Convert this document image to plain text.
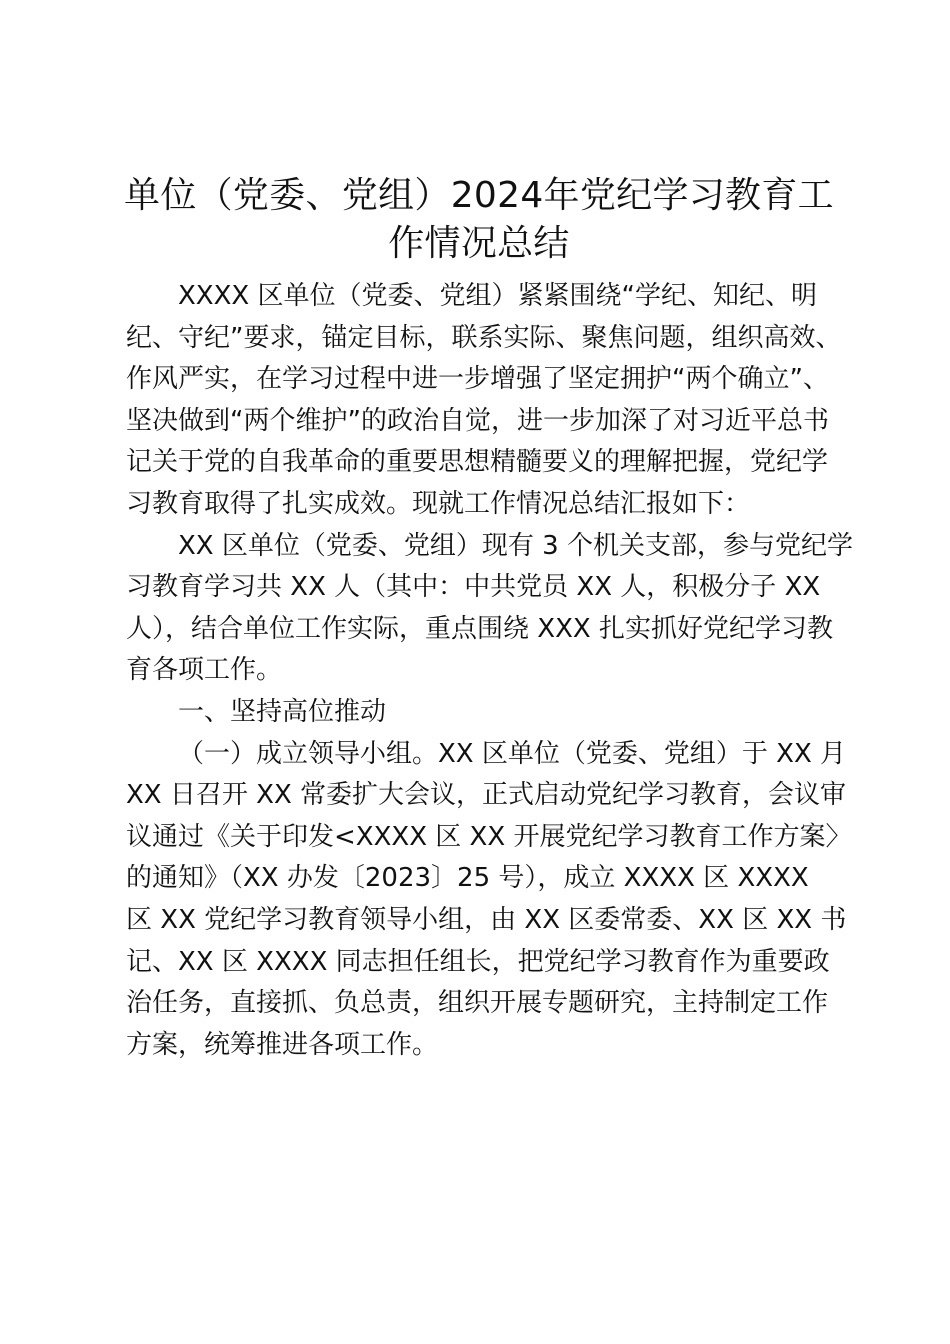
单位（党委、党组）2024年党纪学习教育工
作情况总结

XXXX 区单位（党委、党组）紧紧围绕“学纪、知纪、明
纪、守纪”要求，锚定目标，联系实际、聚焦问题，组织高效、
作风严实，在学习过程中进一步增强了坚定拥护“两个确立”、
坚决做到“两个维护”的政治自觉，进一步加深了对习近平总书
记关于党的自我革命的重要思想精髓要义的理解把握，党纪学
习教育取得了扎实成效。现就工作情况总结汇报如下：

XX 区单位（党委、党组）现有 3 个机关支部，参与党纪学
习教育学习共 XX 人（其中：中共党员 XX 人，积极分子 XX
人），结合单位工作实际，重点围绕 XXX 扎实抓好党纪学习教
育各项工作。

一、坚持高位推动

（一）成立领导小组。XX 区单位（党委、党组）于 XX 月
XX 日召开 XX 常委扩大会议，正式启动党纪学习教育，会议审
议通过《关于印发<XXXX 区 XX 开展党纪学习教育工作方案〉
的通知》（XX 办发〔2023〕25 号），成立 XXXX 区 XXXX
区 XX 党纪学习教育领导小组，由 XX 区委常委、XX 区 XX 书
记、XX 区 XXXX 同志担任组长，把党纪学习教育作为重要政
治任务，直接抓、负总责，组织开展专题研究，主持制定工作
方案，统筹推进各项工作。
